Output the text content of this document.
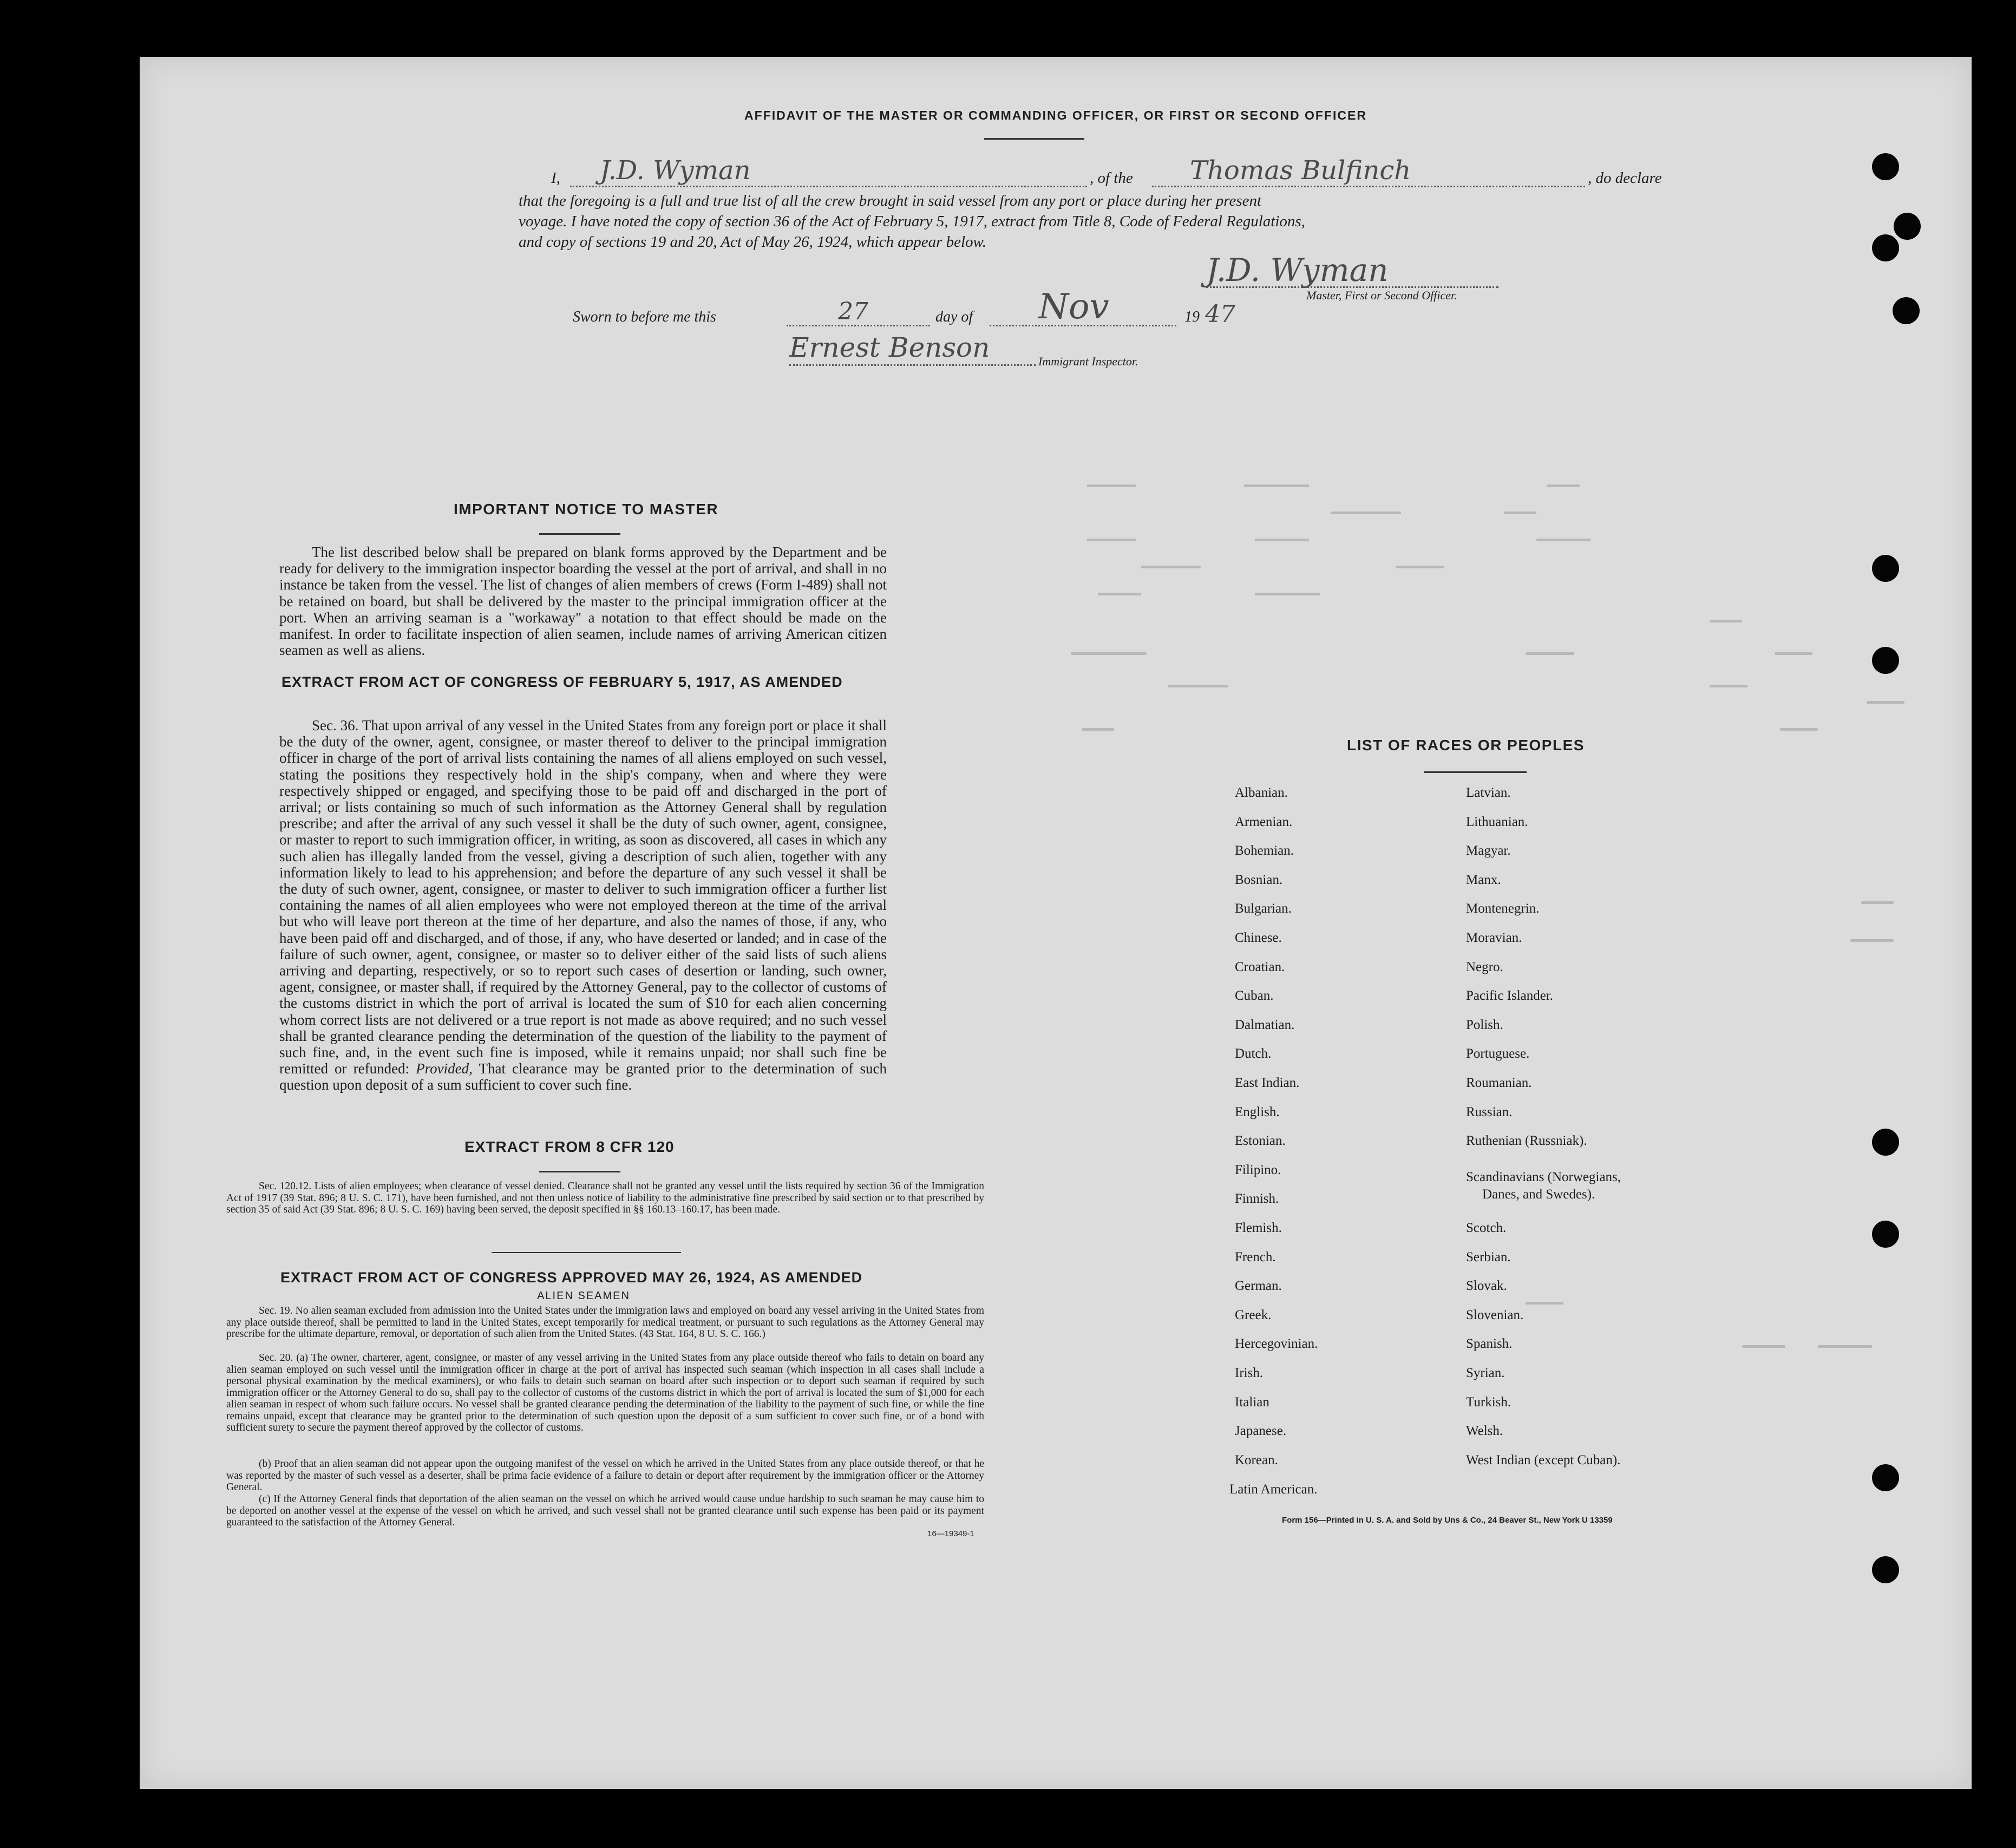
AFFIDAVIT OF THE MASTER OR COMMANDING OFFICER, OR FIRST OR SECOND OFFICER
I, J.D. Wyman	, of the Thomas Bulfinch	, do declare
that the foregoing is a full and true list of all the crew brought in said vessel from any port or place during her present
voyage. I have noted the copy of section 36 of the Act of February 5, 1917, extract from Title 8, Code of Federal Regulations,
and copy of sections 19 and 20, Act of May 26, 1924, which appear below.
J.D. Wyman
Master, First or Second Officer.
Sworn to before me this	27	day of Nov	19 47
Ernest Benson	Immigrant Inspector.
IMPORTANT NOTICE TO MASTER
The list described below shall be prepared on blank forms approved by the Department and be ready for delivery to the immigration inspector boarding the vessel at the port of arrival, and shall in no instance be taken from the vessel. The list of changes of alien members of crews (Form I-489) shall not be retained on board, but shall be delivered by the master to the principal immigration officer at the port. When an arriving seaman is a "workaway" a notation to that effect should be made on the manifest. In order to facilitate inspection of alien seamen, include names of arriving American citizen seamen as well as aliens.
EXTRACT FROM ACT OF CONGRESS OF FEBRUARY 5, 1917, AS AMENDED
Sec. 36. That upon arrival of any vessel in the United States from any foreign port or place it shall be the duty of the owner, agent, consignee, or master thereof to deliver to the principal immigration officer in charge of the port of arrival lists containing the names of all aliens employed on such vessel, stating the positions they respectively hold in the ship's company, when and where they were respectively shipped or engaged, and specifying those to be paid off and discharged in the port of arrival; or lists containing so much of such information as the Attorney General shall by regulation prescribe; and after the arrival of any such vessel it shall be the duty of such owner, agent, consignee, or master to report to such immigration officer, in writing, as soon as discovered, all cases in which any such alien has illegally landed from the vessel, giving a description of such alien, together with any information likely to lead to his apprehension; and before the departure of any such vessel it shall be the duty of such owner, agent, consignee, or master to deliver to such immigration officer a further list containing the names of all alien employees who were not employed thereon at the time of the arrival but who will leave port thereon at the time of her departure, and also the names of those, if any, who have been paid off and discharged, and of those, if any, who have deserted or landed; and in case of the failure of such owner, agent, consignee, or master so to deliver either of the said lists of such aliens arriving and departing, respectively, or so to report such cases of desertion or landing, such owner, agent, consignee, or master shall, if required by the Attorney General, pay to the collector of customs of the customs district in which the port of arrival is located the sum of $10 for each alien concerning whom correct lists are not delivered or a true report is not made as above required; and no such vessel shall be granted clearance pending the determination of the question of the liability to the payment of such fine, and, in the event such fine is imposed, while it remains unpaid; nor shall such fine be remitted or refunded: Provided, That clearance may be granted prior to the determination of such question upon deposit of a sum sufficient to cover such fine.
EXTRACT FROM 8 CFR 120
Sec. 120.12. Lists of alien employees; when clearance of vessel denied. Clearance shall not be granted any vessel until the lists required by section 36 of the Immigration Act of 1917 (39 Stat. 896; 8 U. S. C. 171), have been furnished, and not then unless notice of liability to the administrative fine prescribed by said section or to that prescribed by section 35 of said Act (39 Stat. 896; 8 U. S. C. 169) having been served, the deposit specified in §§ 160.13–160.17, has been made.
EXTRACT FROM ACT OF CONGRESS APPROVED MAY 26, 1924, AS AMENDED
ALIEN SEAMEN
Sec. 19. No alien seaman excluded from admission into the United States under the immigration laws and employed on board any vessel arriving in the United States from any place outside thereof, shall be permitted to land in the United States, except temporarily for medical treatment, or pursuant to such regulations as the Attorney General may prescribe for the ultimate departure, removal, or deportation of such alien from the United States. (43 Stat. 164, 8 U. S. C. 166.)
Sec. 20. (a) The owner, charterer, agent, consignee, or master of any vessel arriving in the United States from any place outside thereof who fails to detain on board any alien seaman employed on such vessel until the immigration officer in charge at the port of arrival has inspected such seaman (which inspection in all cases shall include a personal physical examination by the medical examiners), or who fails to detain such seaman on board after such inspection or to deport such seaman if required by such immigration officer or the Attorney General to do so, shall pay to the collector of customs of the customs district in which the port of arrival is located the sum of $1,000 for each alien seaman in respect of whom such failure occurs. No vessel shall be granted clearance pending the determination of the liability to the payment of such fine, or while the fine remains unpaid, except that clearance may be granted prior to the determination of such question upon the deposit of a sum sufficient to cover such fine, or of a bond with sufficient surety to secure the payment thereof approved by the collector of customs.
(b) Proof that an alien seaman did not appear upon the outgoing manifest of the vessel on which he arrived in the United States from any place outside thereof, or that he was reported by the master of such vessel as a deserter, shall be prima facie evidence of a failure to detain or deport after requirement by the immigration officer or the Attorney General.
(c) If the Attorney General finds that deportation of the alien seaman on the vessel on which he arrived would cause undue hardship to such seaman he may cause him to be deported on another vessel at the expense of the vessel on which he arrived, and such vessel shall not be granted clearance until such expense has been paid or its payment guaranteed to the satisfaction of the Attorney General.
16—19349-1
LIST OF RACES OR PEOPLES
Albanian.
Armenian.
Bohemian.
Bosnian.
Bulgarian.
Chinese.
Croatian.
Cuban.
Dalmatian.
Dutch.
East Indian.
English.
Estonian.
Filipino.
Finnish.
Flemish.
French.
German.
Greek.
Hercegovinian.
Irish.
Italian
Japanese.
Korean.
Latin American.
Latvian.
Lithuanian.
Magyar.
Manx.
Montenegrin.
Moravian.
Negro.
Pacific Islander.
Polish.
Portuguese.
Roumanian.
Russian.
Ruthenian (Russniak).
Scandinavians (Norwegians,
Danes, and Swedes).
Scotch.
Serbian.
Slovak.
Slovenian.
Spanish.
Syrian.
Turkish.
Welsh.
West Indian (except Cuban).
Form 156—Printed in U. S. A. and Sold by Uns & Co., 24 Beaver St., New York U 13359
